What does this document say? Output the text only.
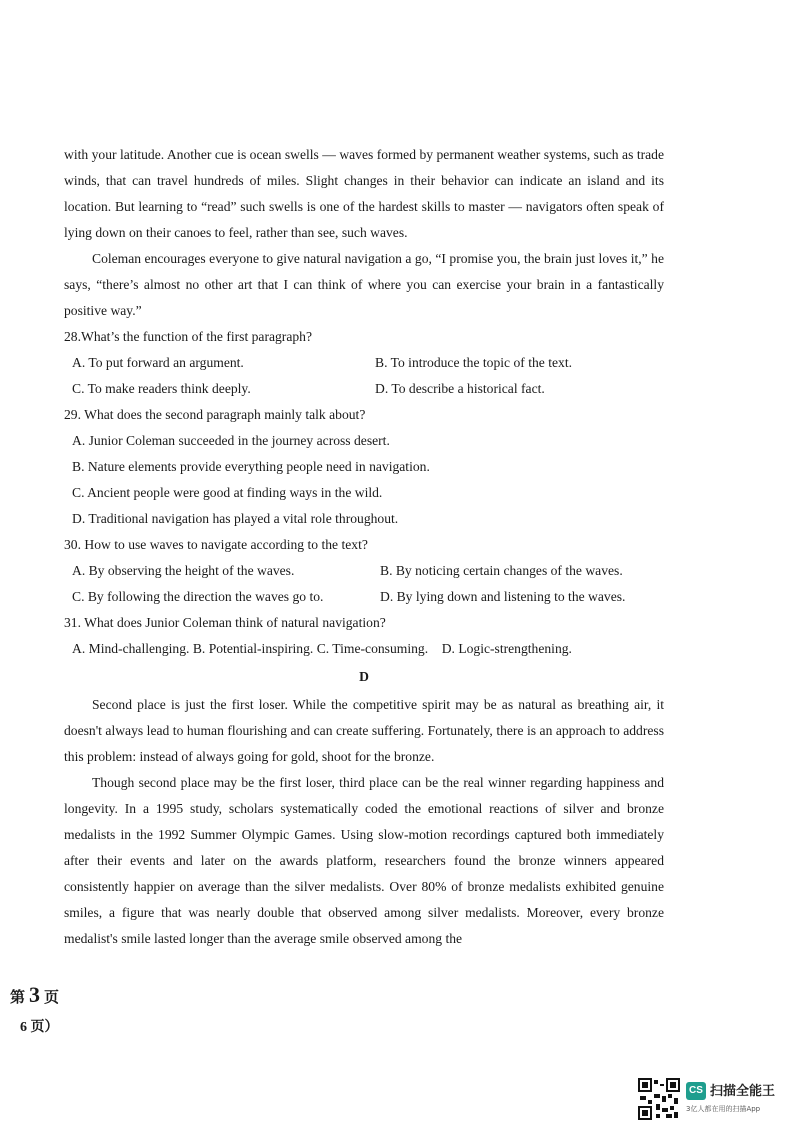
with your latitude. Another cue is ocean swells — waves formed by permanent weather systems, such as trade winds, that can travel hundreds of miles. Slight changes in their behavior can indicate an island and its location. But learning to “read” such swells is one of the hardest skills to master — navigators often speak of lying down on their canoes to feel, rather than see, such waves.

Coleman encourages everyone to give natural navigation a go, “I promise you, the brain just loves it,” he says, “there’s almost no other art that I can think of where you can exercise your brain in a fantastically positive way.”

28.What’s the function of the first paragraph?

A. To put forward an argument.	B. To introduce the topic of the text.
C. To make readers think deeply.	D. To describe a historical fact.

29. What does the second paragraph mainly talk about?

A. Junior Coleman succeeded in the journey across desert.
B. Nature elements provide everything people need in navigation.
C. Ancient people were good at finding ways in the wild.
D. Traditional navigation has played a vital role throughout.

30. How to use waves to navigate according to the text?

A. By observing the height of the waves.	B. By noticing certain changes of the waves.
C. By following the direction the waves go to.	D. By lying down and listening to the waves.

31. What does Junior Coleman think of natural navigation?

A. Mind-challenging. B. Potential-inspiring. C. Time-consuming. D. Logic-strengthening.
D

Second place is just the first loser. While the competitive spirit may be as natural as breathing air, it doesn't always lead to human flourishing and can create suffering. Fortunately, there is an approach to address this problem: instead of always going for gold, shoot for the bronze.

Though second place may be the first loser, third place can be the real winner regarding happiness and longevity. In a 1995 study, scholars systematically coded the emotional reactions of silver and bronze medalists in the 1992 Summer Olympic Games. Using slow-motion recordings captured both immediately after their events and later on the awards platform, researchers found the bronze winners appeared consistently happier on average than the silver medalists. Over 80% of bronze medalists exhibited genuine smiles, a figure that was nearly double that observed among silver medalists. Moreover, every bronze medalist's smile lasted longer than the average smile observed among the

第 3 页
6 页）
CS 扫描全能王
3亿人都在用的扫描App
